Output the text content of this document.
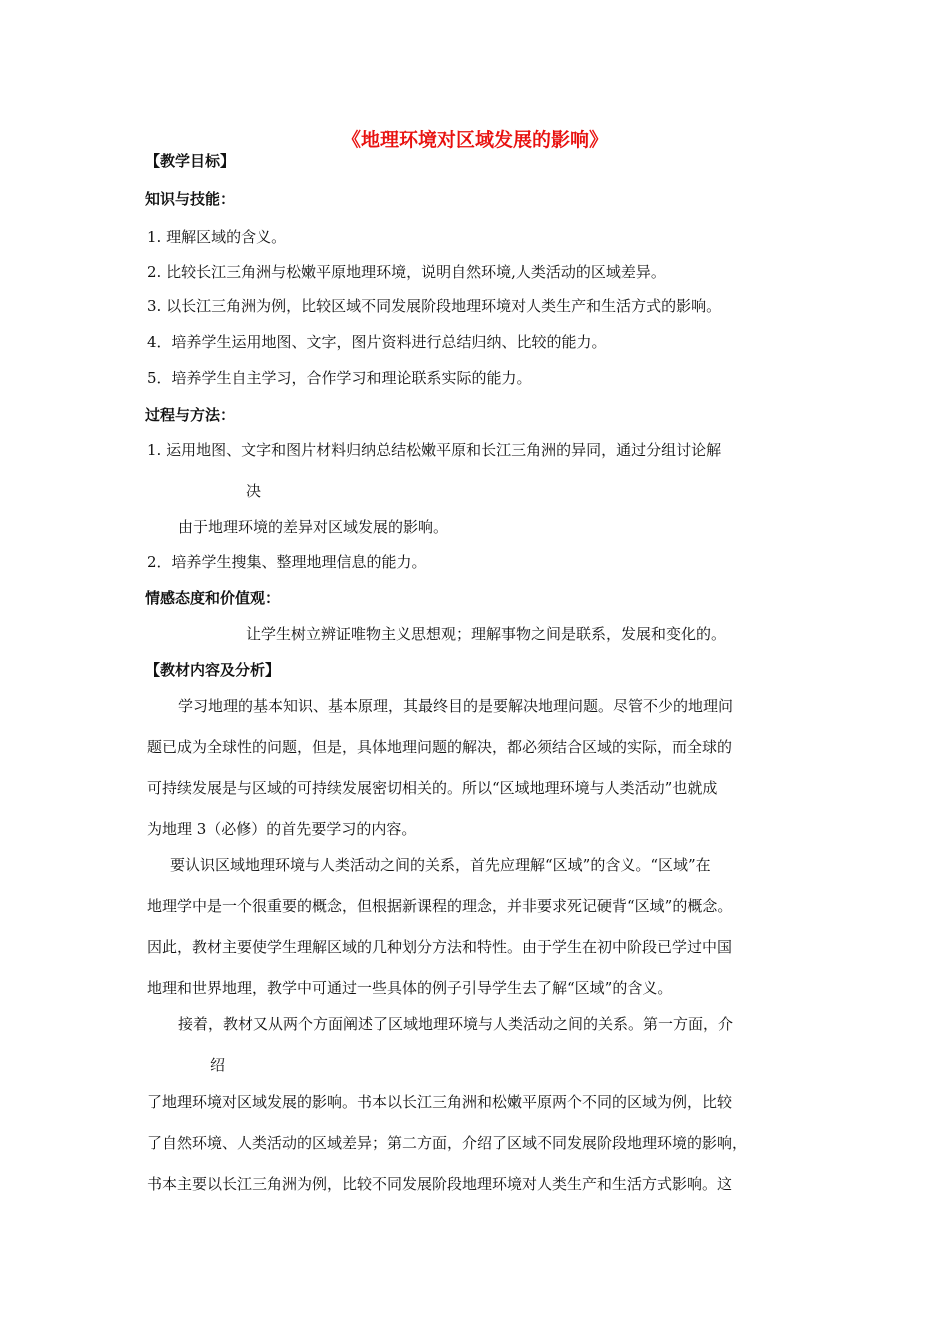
《地理环境对区域发展的影响》
【教学目标】
知识与技能：
1. 理解区域的含义。
2. 比较长江三角洲与松嫩平原地理环境，说明自然环境,人类活动的区域差异。
3. 以长江三角洲为例，比较区域不同发展阶段地理环境对人类生产和生活方式的影响。
4．培养学生运用地图、文字，图片资料进行总结归纳、比较的能力。
5．培养学生自主学习，合作学习和理论联系实际的能力。
过程与方法：
1. 运用地图、文字和图片材料归纳总结松嫩平原和长江三角洲的异同，通过分组讨论解
决
由于地理环境的差异对区域发展的影响。
2．培养学生搜集、整理地理信息的能力。
情感态度和价值观：
让学生树立辨证唯物主义思想观；理解事物之间是联系，发展和变化的。
【教材内容及分析】
学习地理的基本知识、基本原理，其最终目的是要解决地理问题。尽管不少的地理问
题已成为全球性的问题，但是，具体地理问题的解决，都必须结合区域的实际，而全球的
可持续发展是与区域的可持续发展密切相关的。所以“区域地理环境与人类活动”也就成
为地理 3（必修）的首先要学习的内容。
要认识区域地理环境与人类活动之间的关系，首先应理解“区域”的含义。“区域”在
地理学中是一个很重要的概念，但根据新课程的理念，并非要求死记硬背“区域”的概念。
因此，教材主要使学生理解区域的几种划分方法和特性。由于学生在初中阶段已学过中国
地理和世界地理，教学中可通过一些具体的例子引导学生去了解“区域”的含义。
接着，教材又从两个方面阐述了区域地理环境与人类活动之间的关系。第一方面，介
绍
了地理环境对区域发展的影响。书本以长江三角洲和松嫩平原两个不同的区域为例，比较
了自然环境、人类活动的区域差异；第二方面，介绍了区域不同发展阶段地理环境的影响，
书本主要以长江三角洲为例，比较不同发展阶段地理环境对人类生产和生活方式影响。这
